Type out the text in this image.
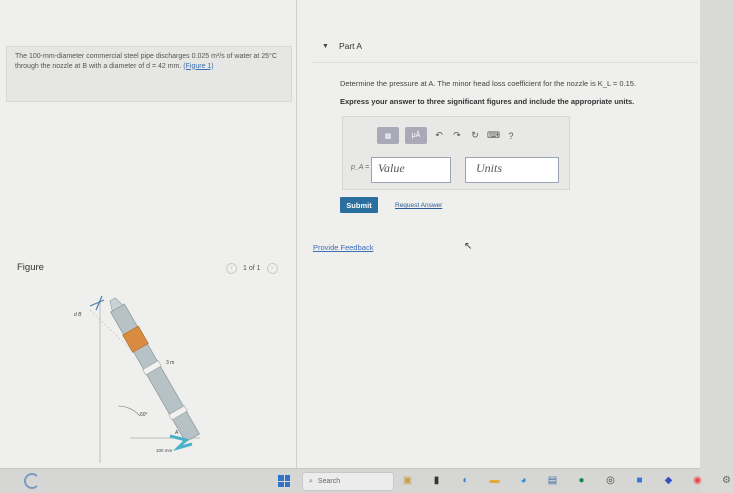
The 100-mm-diameter commercial steel pipe discharges 0.025 m³/s of water at 25°C through the nozzle at B with a diameter of d = 42 mm. (Figure 1)
Figure	‹	1 of 1	›
d B
3 m
60°
A
100 mm
▼ Part A
Determine the pressure at A. The minor head loss coefficient for the nozzle is K_L = 0.15.
Express your answer to three significant figures and include the appropriate units.
▦	μÅ	↶ ↷ ↻ ⌨ ?
p_A = Value	Units
Submit	Request Answer
Provide Feedback	↖
⌕ Search	▣	▮	◐	▬	◕	▤	●	◎	■	◆	◉	⚙
